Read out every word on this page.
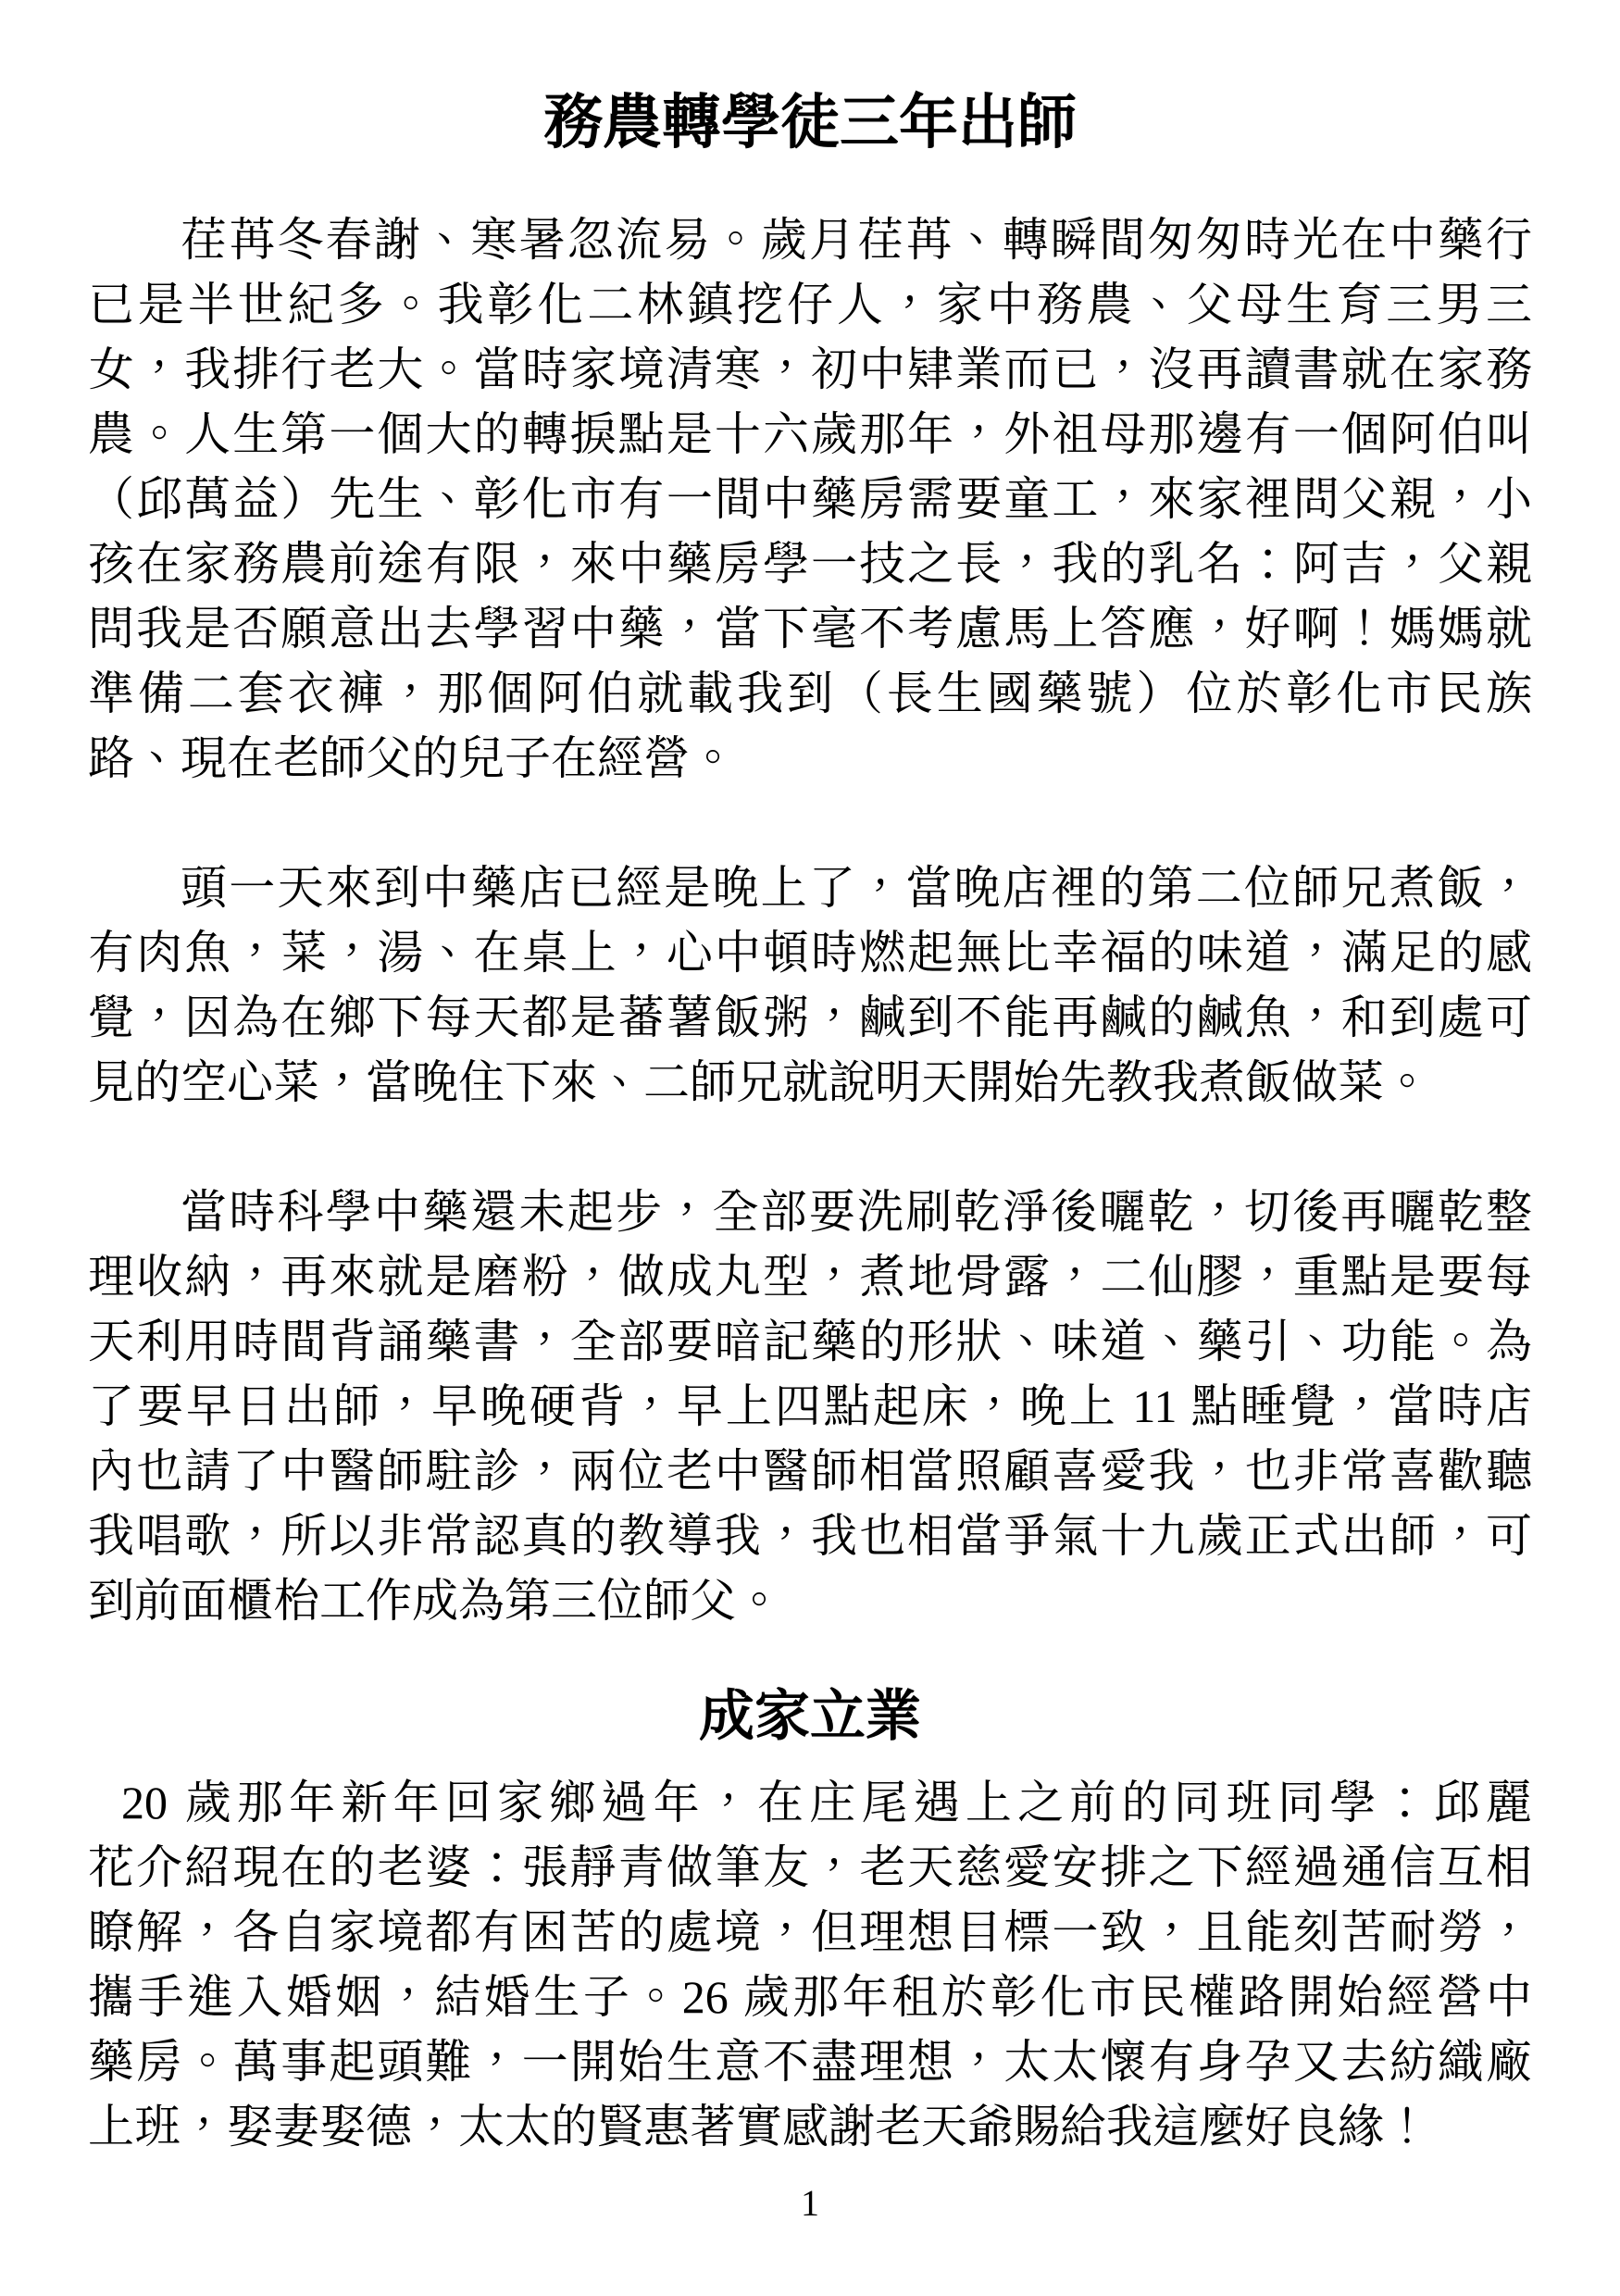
務農轉學徒三年出師
荏苒冬春謝、寒暑忽流易。歲月荏苒、轉瞬間匆匆時光在中藥行
已是半世紀多。我彰化二林鎮挖仔人，家中務農、父母生育三男三
女，我排行老大。當時家境清寒，初中肄業而已，沒再讀書就在家務
農。人生第一個大的轉捩點是十六歲那年，外祖母那邊有一個阿伯叫
（邱萬益）先生、彰化市有一間中藥房需要童工，來家裡問父親，小
孩在家務農前途有限，來中藥房學一技之長，我的乳名：阿吉，父親
問我是否願意出去學習中藥，當下毫不考慮馬上答應，好啊！媽媽就
準備二套衣褲，那個阿伯就載我到（長生國藥號）位於彰化市民族
路、現在老師父的兒子在經營。
頭一天來到中藥店已經是晚上了，當晚店裡的第二位師兄煮飯，
有肉魚，菜，湯、在桌上，心中頓時燃起無比幸福的味道，滿足的感
覺，因為在鄉下每天都是蕃薯飯粥，鹹到不能再鹹的鹹魚，和到處可
見的空心菜，當晚住下來、二師兄就說明天開始先教我煮飯做菜。
當時科學中藥還未起步，全部要洗刷乾淨後曬乾，切後再曬乾整
理收納，再來就是磨粉，做成丸型，煮地骨露，二仙膠，重點是要每
天利用時間背誦藥書，全部要暗記藥的形狀、味道、藥引、功能。為
了要早日出師，早晚硬背，早上四點起床，晚上 11 點睡覺，當時店
內也請了中醫師駐診，兩位老中醫師相當照顧喜愛我，也非常喜歡聽
我唱歌，所以非常認真的教導我，我也相當爭氣十九歲正式出師，可
到前面櫃枱工作成為第三位師父。
成家立業
20 歲那年新年回家鄉過年，在庄尾遇上之前的同班同學：邱麗
花介紹現在的老婆：張靜青做筆友，老天慈愛安排之下經過通信互相
瞭解，各自家境都有困苦的處境，但理想目標一致，且能刻苦耐勞，
攜手進入婚姻，結婚生子。26 歲那年租於彰化市民權路開始經營中
藥房。萬事起頭難，一開始生意不盡理想，太太懷有身孕又去紡織廠
上班，娶妻娶德，太太的賢惠著實感謝老天爺賜給我這麼好良緣！
1
